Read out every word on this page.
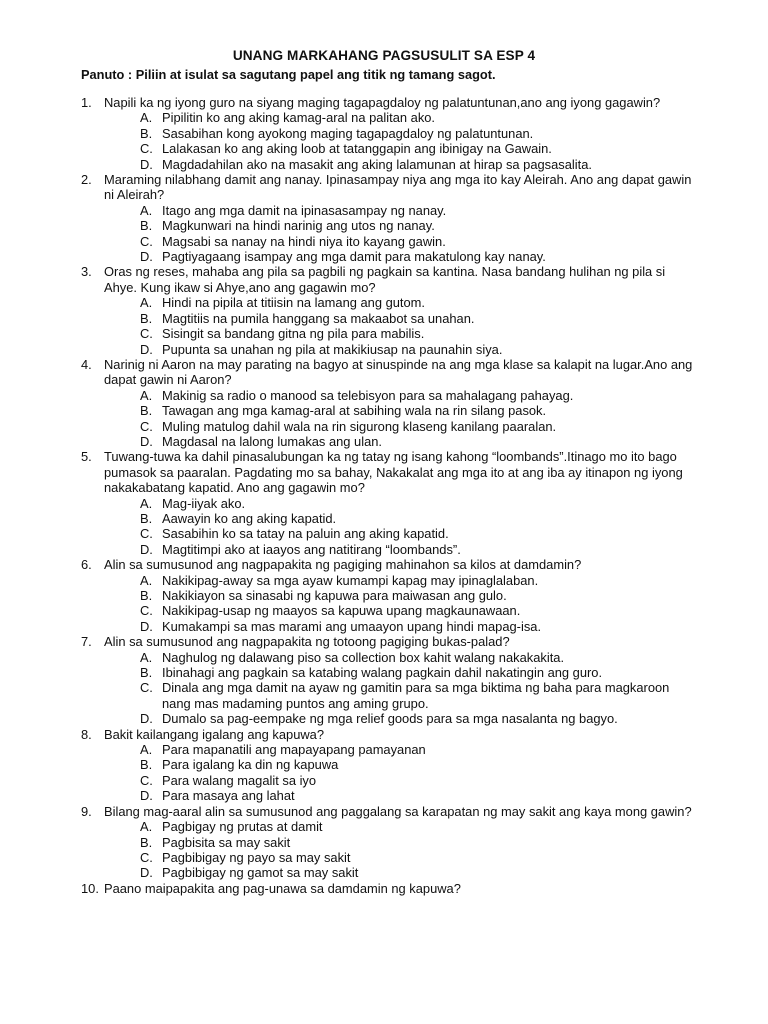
UNANG MARKAHANG PAGSUSULIT SA ESP 4
Panuto : Piliin at isulat sa sagutang papel ang titik ng tamang sagot.
1. Napili ka ng iyong guro na siyang maging tagapagdaloy ng palatuntunan,ano ang iyong gagawin?
A. Pipilitin ko ang aking kamag-aral na palitan ako.
B. Sasabihan kong ayokong maging tagapagdaloy ng palatuntunan.
C. Lalakasan ko ang aking loob at tatanggapin ang ibinigay na Gawain.
D. Magdadahilan ako na masakit ang aking lalamunan at hirap sa pagsasalita.
2. Maraming nilabhang damit ang nanay. Ipinasampay niya ang mga ito kay Aleirah. Ano ang dapat gawin ni Aleirah?
A. Itago ang mga damit na ipinasasampay ng nanay.
B. Magkunwari na hindi narinig ang utos ng nanay.
C. Magsabi sa nanay na hindi niya ito kayang gawin.
D. Pagtiyagaang isampay ang mga damit para makatulong kay nanay.
3. Oras ng reses, mahaba ang pila sa pagbili ng pagkain sa kantina. Nasa bandang hulihan ng pila si Ahye. Kung ikaw si Ahye,ano ang gagawin mo?
A. Hindi na pipila at titiisin na lamang ang gutom.
B. Magtitiis na pumila hanggang sa makaabot sa unahan.
C. Sisingit sa bandang gitna ng pila para mabilis.
D. Pupunta sa unahan ng pila at makikiusap na paunahin siya.
4. Narinig ni Aaron na may parating na bagyo at sinuspinde na ang mga klase sa kalapit na lugar.Ano ang dapat gawin ni Aaron?
A. Makinig sa radio o manood sa telebisyon para sa mahalagang pahayag.
B. Tawagan ang mga kamag-aral at sabihing wala na rin silang pasok.
C. Muling matulog dahil wala na rin sigurong klaseng kanilang paaralan.
D. Magdasal na lalong lumakas ang ulan.
5. Tuwang-tuwa ka dahil pinasalubungan ka ng tatay ng isang kahong “loombands”.Itinago mo ito bago pumasok sa paaralan. Pagdating mo sa bahay, Nakakalat ang mga ito at ang iba ay itinapon ng iyong nakakabatang kapatid. Ano ang gagawin mo?
A. Mag-iiyak ako.
B. Aawayin ko ang aking kapatid.
C. Sasabihin ko sa tatay na paluin ang aking kapatid.
D. Magtitimpi ako at iaayos ang natitirang “loombands”.
6. Alin sa sumusunod ang nagpapakita ng pagiging mahinahon sa kilos at damdamin?
A. Nakikipag-away sa mga ayaw kumampi kapag may ipinaglalaban.
B. Nakikiayon sa sinasabi ng kapuwa para maiwasan ang gulo.
C. Nakikipag-usap ng maayos sa kapuwa upang magkaunawaan.
D. Kumakampi sa mas marami ang umaayon upang hindi mapag-isa.
7. Alin sa sumusunod ang nagpapakita ng totoong pagiging bukas-palad?
A. Naghulog ng dalawang piso sa collection box kahit walang nakakakita.
B. Ibinahagi ang pagkain sa katabing walang pagkain dahil nakatingin ang guro.
C. Dinala ang mga damit na ayaw ng gamitin para sa mga biktima ng baha para magkaroon nang mas madaming puntos ang aming grupo.
D. Dumalo sa pag-eempake ng mga relief goods para sa mga nasalanta ng bagyo.
8. Bakit kailangang igalang ang kapuwa?
A. Para mapanatili ang mapayapang pamayanan
B. Para igalang ka din ng kapuwa
C. Para walang magalit sa iyo
D. Para masaya ang lahat
9. Bilang mag-aaral alin sa sumusunod ang paggalang sa karapatan ng may sakit ang kaya mong gawin?
A. Pagbigay ng prutas at damit
B. Pagbisita sa may sakit
C. Pagbibigay ng payo sa may sakit
D. Pagbibigay ng gamot sa may sakit
10. Paano maipapakita ang pag-unawa sa damdamin ng kapuwa?
